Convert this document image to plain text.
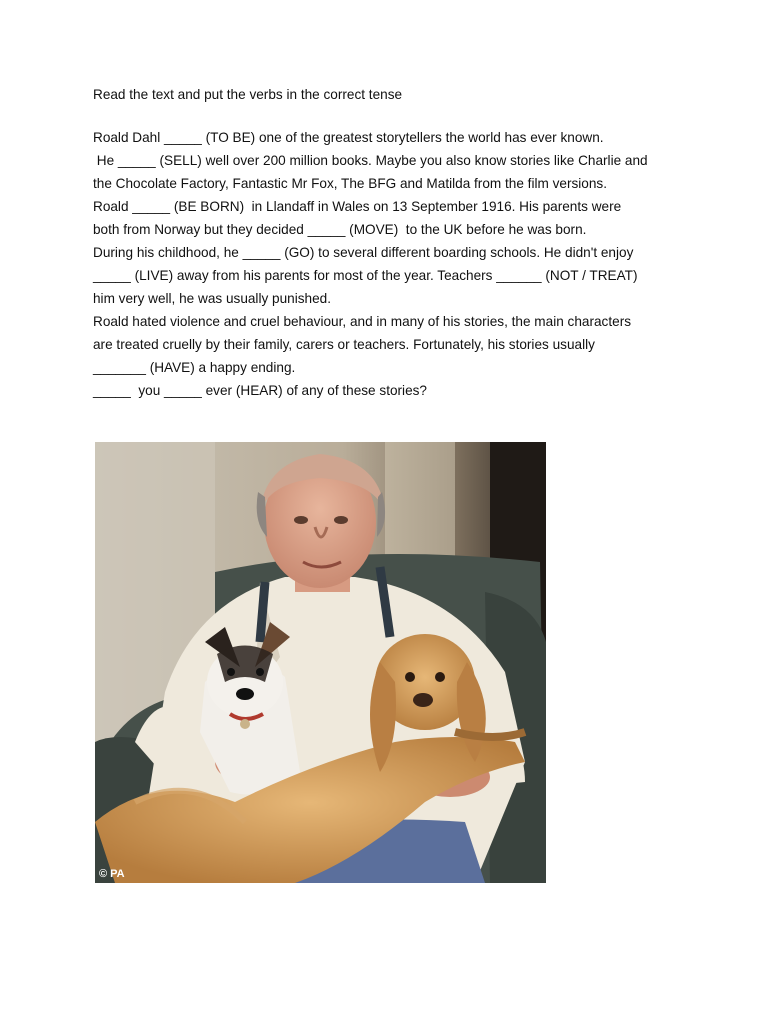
Read the text and put the verbs in the correct tense
Roald Dahl _____ (TO BE) one of the greatest storytellers the world has ever known.
He _____ (SELL) well over 200 million books. Maybe you also know stories like Charlie and
the Chocolate Factory, Fantastic Mr Fox, The BFG and Matilda from the film versions.
Roald _____ (BE BORN)  in Llandaff in Wales on 13 September 1916. His parents were
both from Norway but they decided _____ (MOVE)  to the UK before he was born.
During his childhood, he _____ (GO) to several different boarding schools. He didn't enjoy
_____ (LIVE) away from his parents for most of the year. Teachers ______ (NOT / TREAT)
him very well, he was usually punished.
Roald hated violence and cruel behaviour, and in many of his stories, the main characters
are treated cruelly by their family, carers or teachers. Fortunately, his stories usually
_______ (HAVE) a happy ending.
_____  you _____ ever (HEAR) of any of these stories?
© PA
